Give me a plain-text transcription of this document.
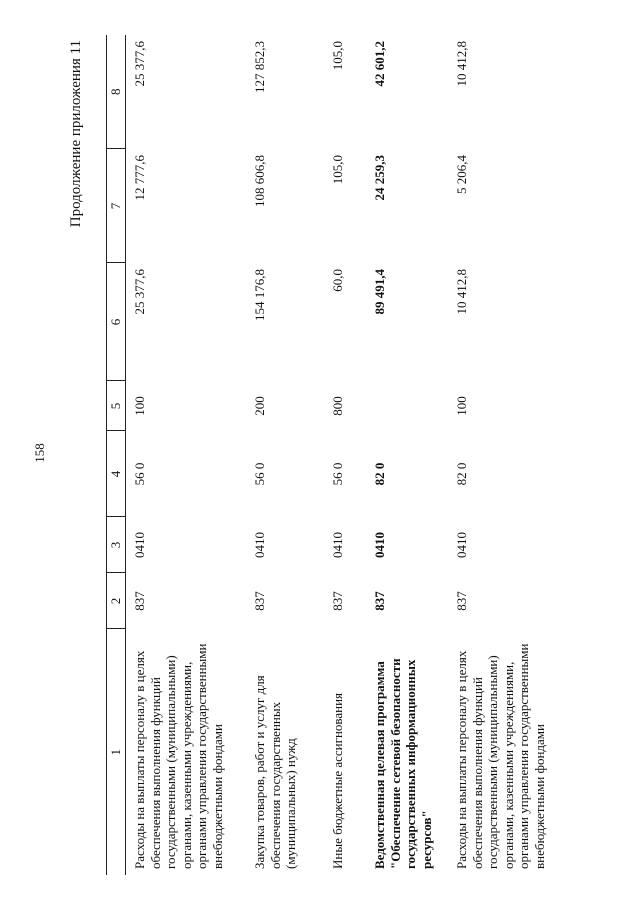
158
Продолжение приложения 11
1	2	3	4	5	6	7	8
Расходы на выплаты персоналу в целях обеспечения выполнения функций государственными (муниципальными) органами, казенными учреждениями, органами управления государственными внебюджетными фондами	837	0410	56 0	100	25 377,6	12 777,6	25 377,6
Закупка товаров, работ и услуг для обеспечения государственных (муниципальных) нужд	837	0410	56 0	200	154 176,8	108 606,8	127 852,3
Иные бюджетные ассигнования	837	0410	56 0	800	60,0	105,0	105,0
Ведомственная целевая программа "Обеспечение сетевой безопасности государственных информационных ресурсов"	837	0410	82 0		89 491,4	24 259,3	42 601,2
Расходы на выплаты персоналу в целях обеспечения выполнения функций государственными (муниципальными) органами, казенными учреждениями, органами управления государственными внебюджетными фондами	837	0410	82 0	100	10 412,8	5 206,4	10 412,8
